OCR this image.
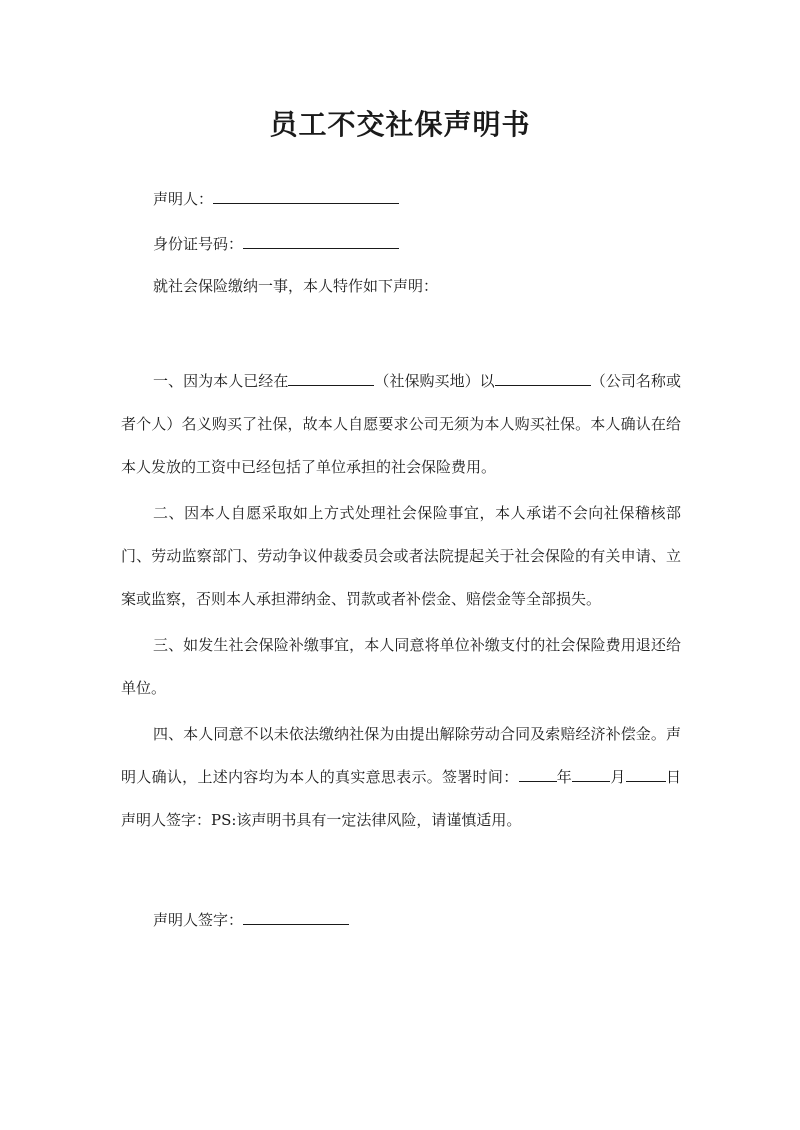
员工不交社保声明书
声明人：
身份证号码：
就社会保险缴纳一事，本人特作如下声明：

一、因为本人已经在	（社保购买地）以	（公司名称或者个人）名义购买了社保，故本人自愿要求公司无须为本人购买社保。本人确认在给本人发放的工资中已经包括了单位承担的社会保险费用。

二、因本人自愿采取如上方式处理社会保险事宜，本人承诺不会向社保稽核部门、劳动监察部门、劳动争议仲裁委员会或者法院提起关于社会保险的有关申请、立案或监察，否则本人承担滞纳金、罚款或者补偿金、赔偿金等全部损失。

三、如发生社会保险补缴事宜，本人同意将单位补缴支付的社会保险费用退还给单位。

四、本人同意不以未依法缴纳社保为由提出解除劳动合同及索赔经济补偿金。声明人确认，上述内容均为本人的真实意思表示。签署时间：	年	月	日声明人签字：PS:该声明书具有一定法律风险，请谨慎适用。

声明人签字：
